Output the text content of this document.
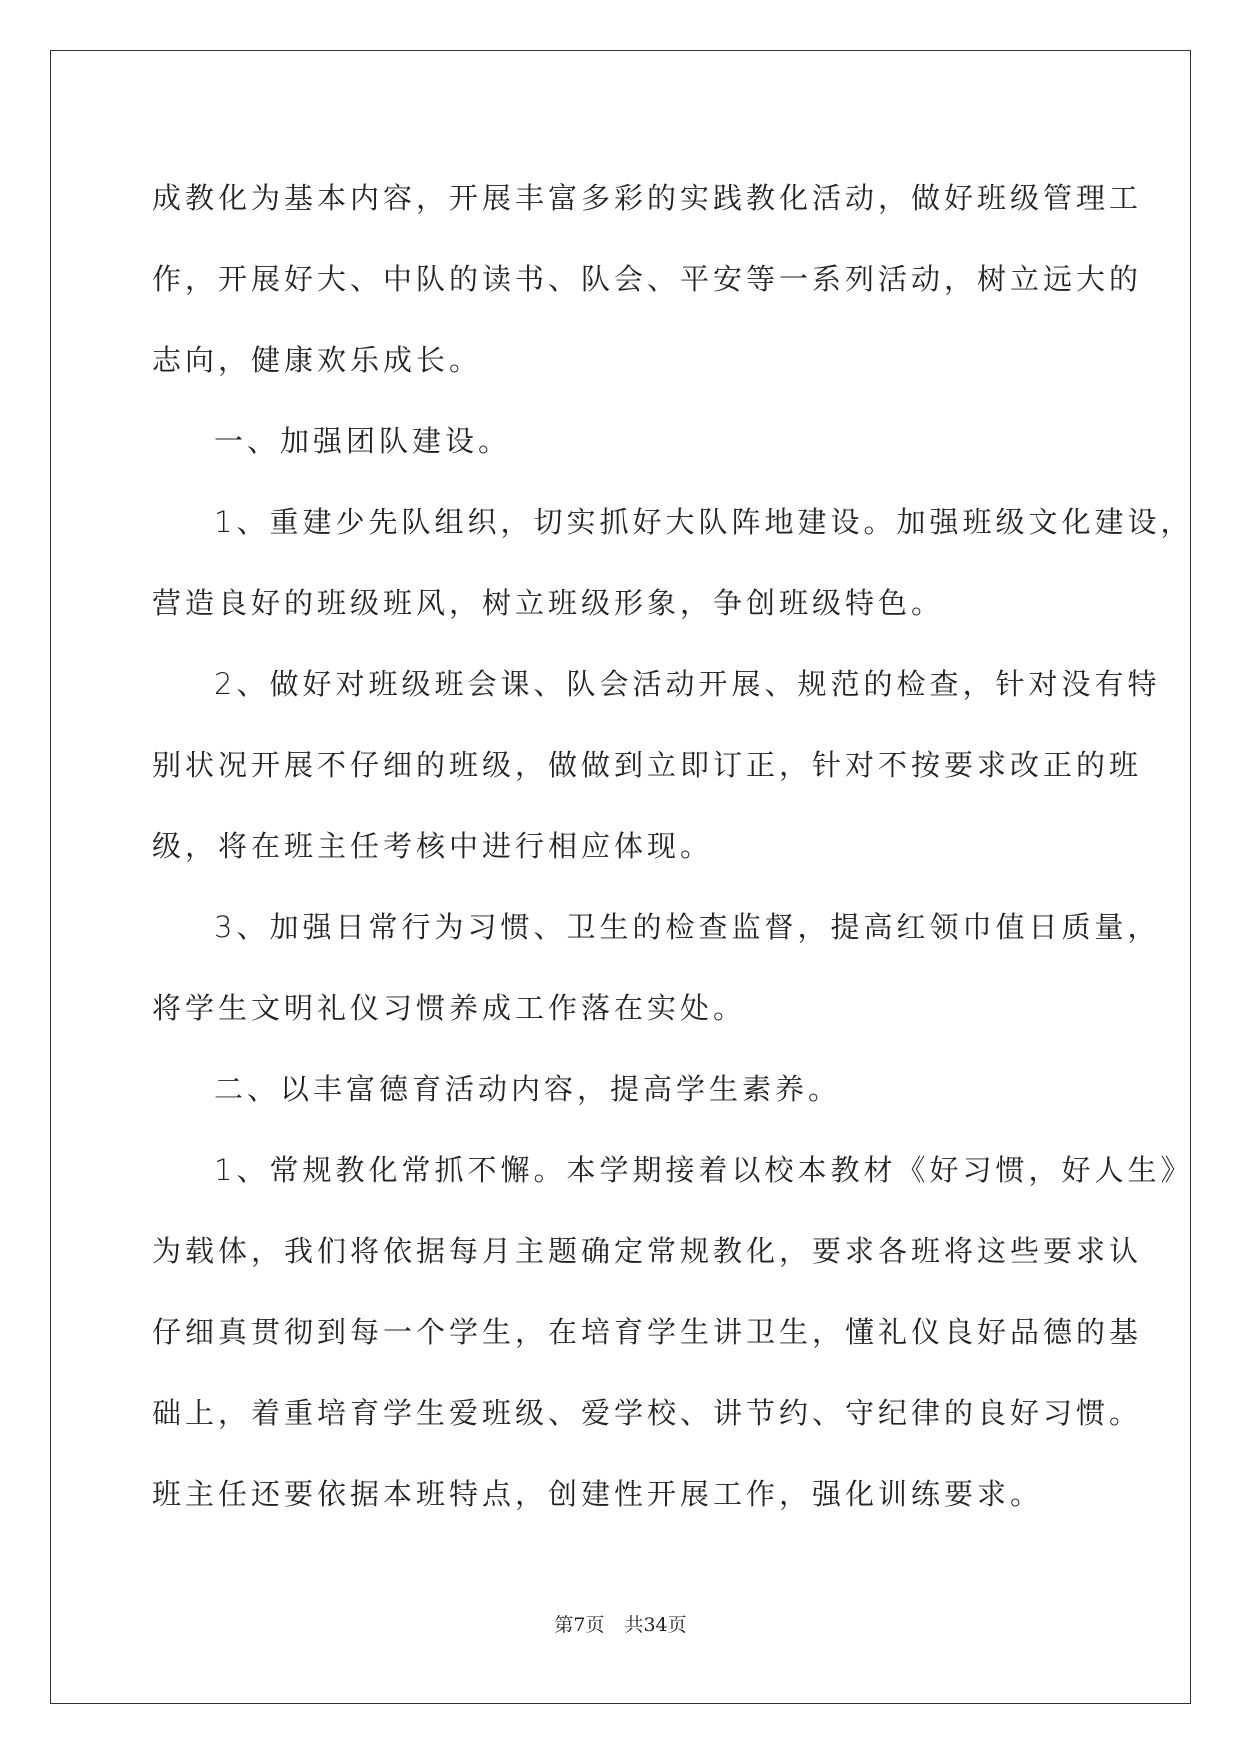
成教化为基本内容，开展丰富多彩的实践教化活动，做好班级管理工

作，开展好大、中队的读书、队会、平安等一系列活动，树立远大的

志向，健康欢乐成长。

一、加强团队建设。

1、重建少先队组织，切实抓好大队阵地建设。加强班级文化建设，

营造良好的班级班风，树立班级形象，争创班级特色。

2、做好对班级班会课、队会活动开展、规范的检查，针对没有特

别状况开展不仔细的班级，做做到立即订正，针对不按要求改正的班

级，将在班主任考核中进行相应体现。

3、加强日常行为习惯、卫生的检查监督，提高红领巾值日质量，

将学生文明礼仪习惯养成工作落在实处。

二、以丰富德育活动内容，提高学生素养。

1、常规教化常抓不懈。本学期接着以校本教材《好习惯，好人生》

为载体，我们将依据每月主题确定常规教化，要求各班将这些要求认

仔细真贯彻到每一个学生，在培育学生讲卫生，懂礼仪良好品德的基

础上，着重培育学生爱班级、爱学校、讲节约、守纪律的良好习惯。

班主任还要依据本班特点，创建性开展工作，强化训练要求。

第7页 共34页
